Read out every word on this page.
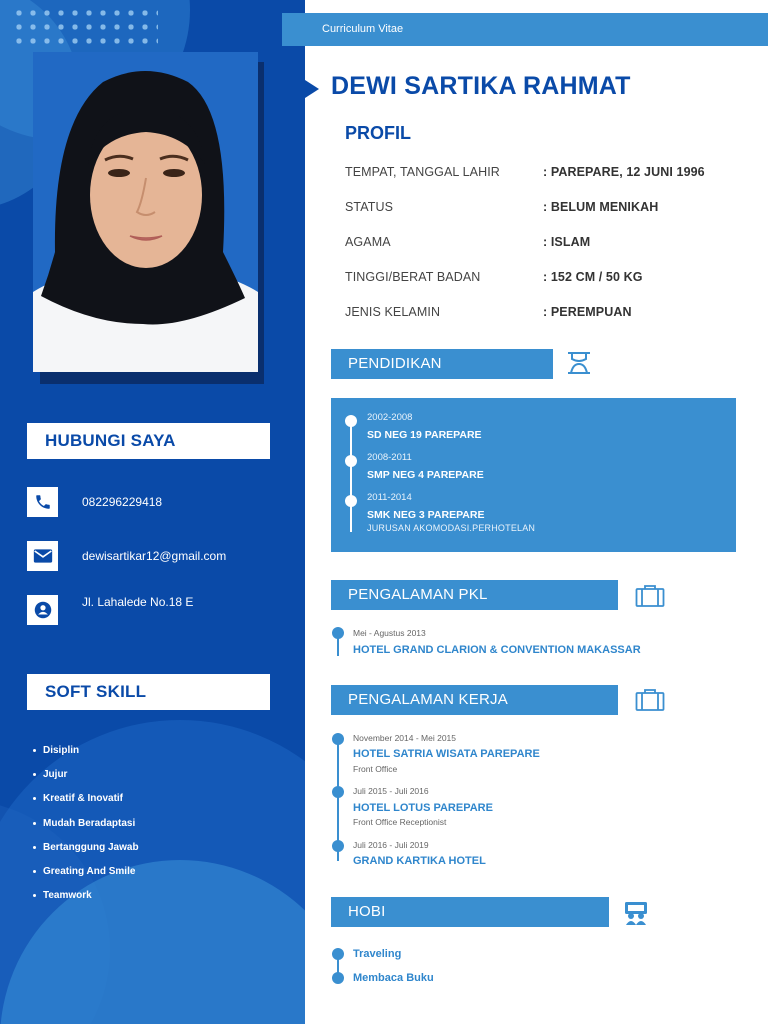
HUBUNGI SAYA
082296229418
dewisartikar12@gmail.com
Jl. Lahalede No.18 E
SOFT SKILL
Disiplin
Jujur
Kreatif & Inovatif
Mudah Beradaptasi
Bertanggung Jawab
Greating And Smile
Teamwork
Curriculum Vitae
DEWI SARTIKA RAHMAT
PROFIL
TEMPAT, TANGGAL LAHIR	: PAREPARE, 12 JUNI 1996
STATUS	: BELUM MENIKAH
AGAMA	: ISLAM
TINGGI/BERAT BADAN	: 152 CM / 50 KG
JENIS KELAMIN	: PEREMPUAN
PENDIDIKAN
2002-2008
SD NEG 19 PAREPARE
2008-2011
SMP NEG 4 PAREPARE
2011-2014
SMK NEG 3 PAREPARE
JURUSAN AKOMODASI.PERHOTELAN
PENGALAMAN PKL
Mei - Agustus 2013
HOTEL GRAND CLARION & CONVENTION MAKASSAR
PENGALAMAN KERJA
November 2014 - Mei 2015
HOTEL SATRIA WISATA PAREPARE
Front Office
Juli 2015 - Juli 2016
HOTEL LOTUS PAREPARE
Front Office Receptionist
Juli 2016 - Juli 2019
GRAND KARTIKA HOTEL
HOBI
Traveling
Membaca Buku
